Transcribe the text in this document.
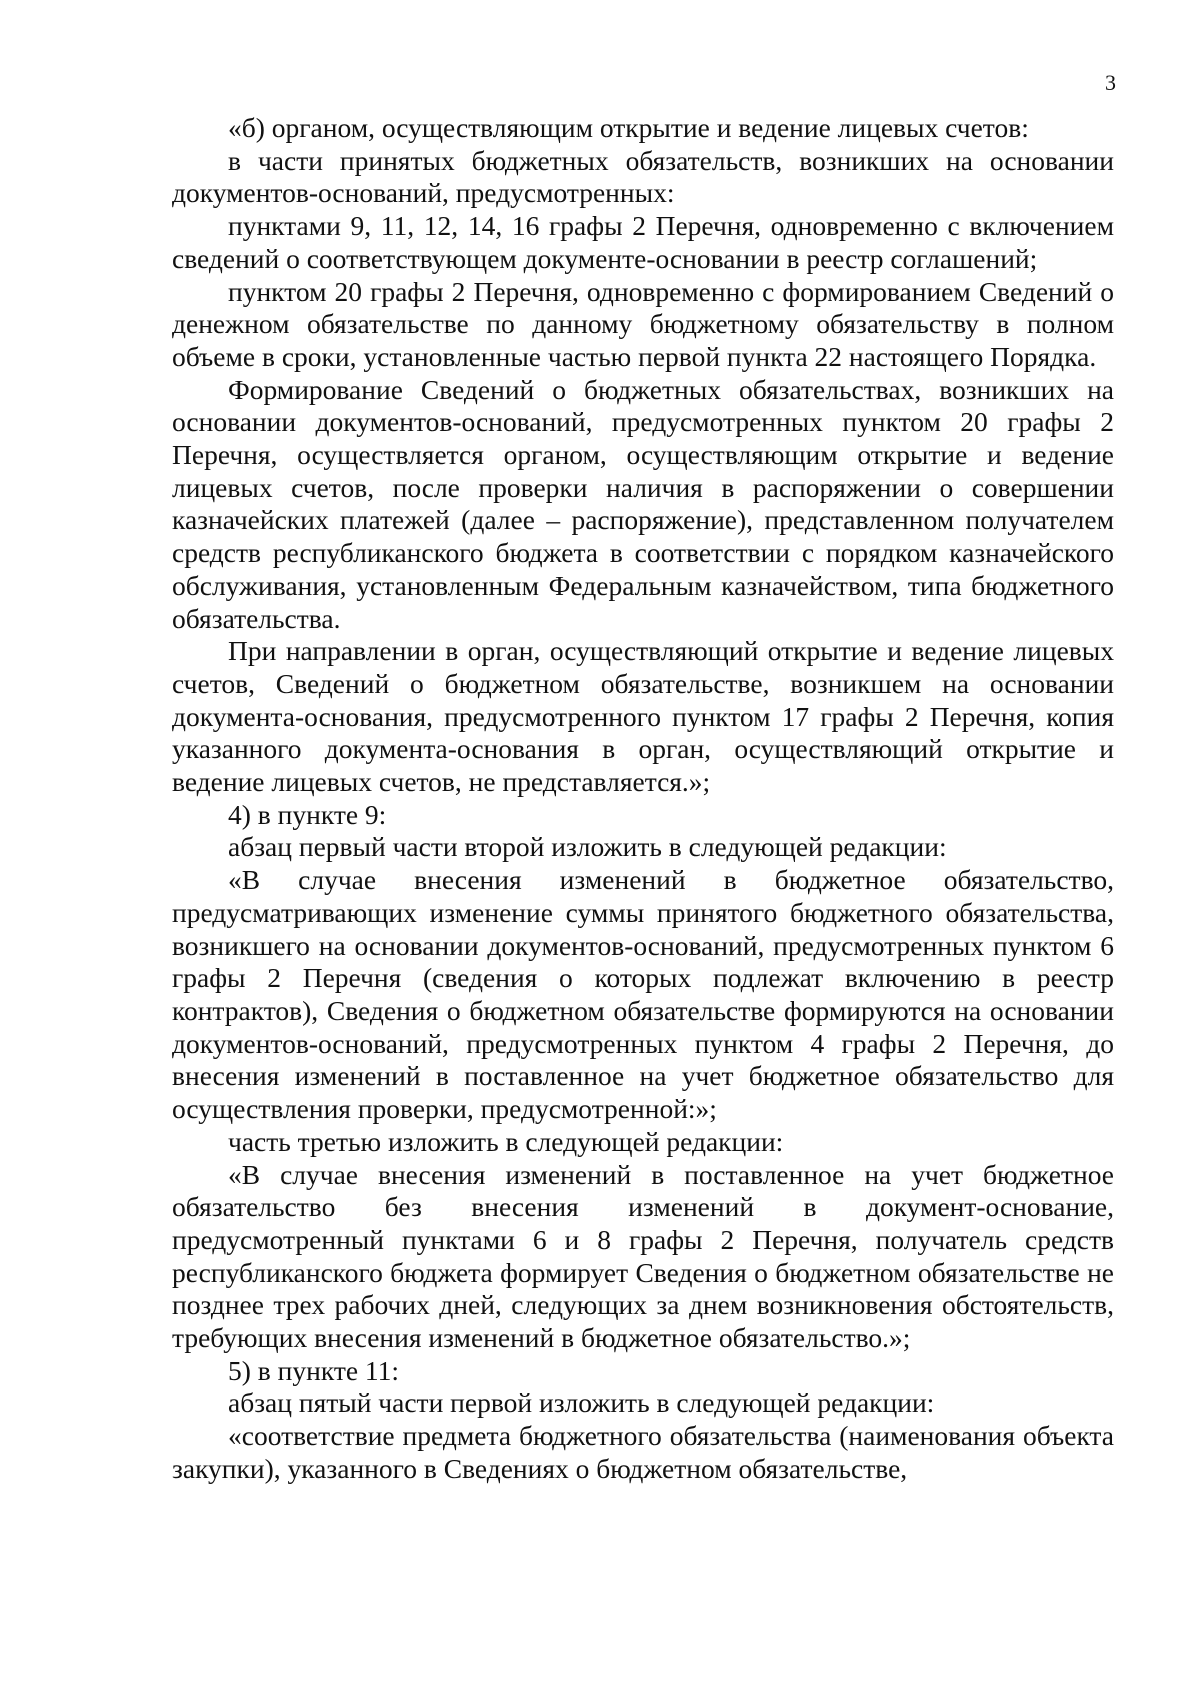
3

«б) органом, осуществляющим открытие и ведение лицевых счетов:

в части принятых бюджетных обязательств, возникших на основании документов-оснований, предусмотренных:

пунктами 9, 11, 12, 14, 16 графы 2 Перечня, одновременно с включением сведений о соответствующем документе-основании в реестр соглашений;

пунктом 20 графы 2 Перечня, одновременно с формированием Сведений о денежном обязательстве по данному бюджетному обязательству в полном объеме в сроки, установленные частью первой пункта 22 настоящего Порядка.

Формирование Сведений о бюджетных обязательствах, возникших на основании документов-оснований, предусмотренных пунктом 20 графы 2 Перечня, осуществляется органом, осуществляющим открытие и ведение лицевых счетов, после проверки наличия в распоряжении о совершении казначейских платежей (далее – распоряжение), представленном получателем средств республиканского бюджета в соответствии с порядком казначейского обслуживания, установленным Федеральным казначейством, типа бюджетного обязательства.

При направлении в орган, осуществляющий открытие и ведение лицевых счетов, Сведений о бюджетном обязательстве, возникшем на основании документа-основания, предусмотренного пунктом 17 графы 2 Перечня, копия указанного документа-основания в орган, осуществляющий открытие и ведение лицевых счетов, не представляется.»;

4) в пункте 9:

абзац первый части второй изложить в следующей редакции:

«В случае внесения изменений в бюджетное обязательство, предусматривающих изменение суммы принятого бюджетного обязательства, возникшего на основании документов-оснований, предусмотренных пунктом 6 графы 2 Перечня (сведения о которых подлежат включению в реестр контрактов), Сведения о бюджетном обязательстве формируются на основании документов-оснований, предусмотренных пунктом 4 графы 2 Перечня, до внесения изменений в поставленное на учет бюджетное обязательство для осуществления проверки, предусмотренной:»;

часть третью изложить в следующей редакции:

«В случае внесения изменений в поставленное на учет бюджетное обязательство без внесения изменений в документ-основание, предусмотренный пунктами 6 и 8 графы 2 Перечня, получатель средств республиканского бюджета формирует Сведения о бюджетном обязательстве не позднее трех рабочих дней, следующих за днем возникновения обстоятельств, требующих внесения изменений в бюджетное обязательство.»;

5) в пункте 11:

абзац пятый части первой изложить в следующей редакции:

«соответствие предмета бюджетного обязательства (наименования объекта закупки), указанного в Сведениях о бюджетном обязательстве,
